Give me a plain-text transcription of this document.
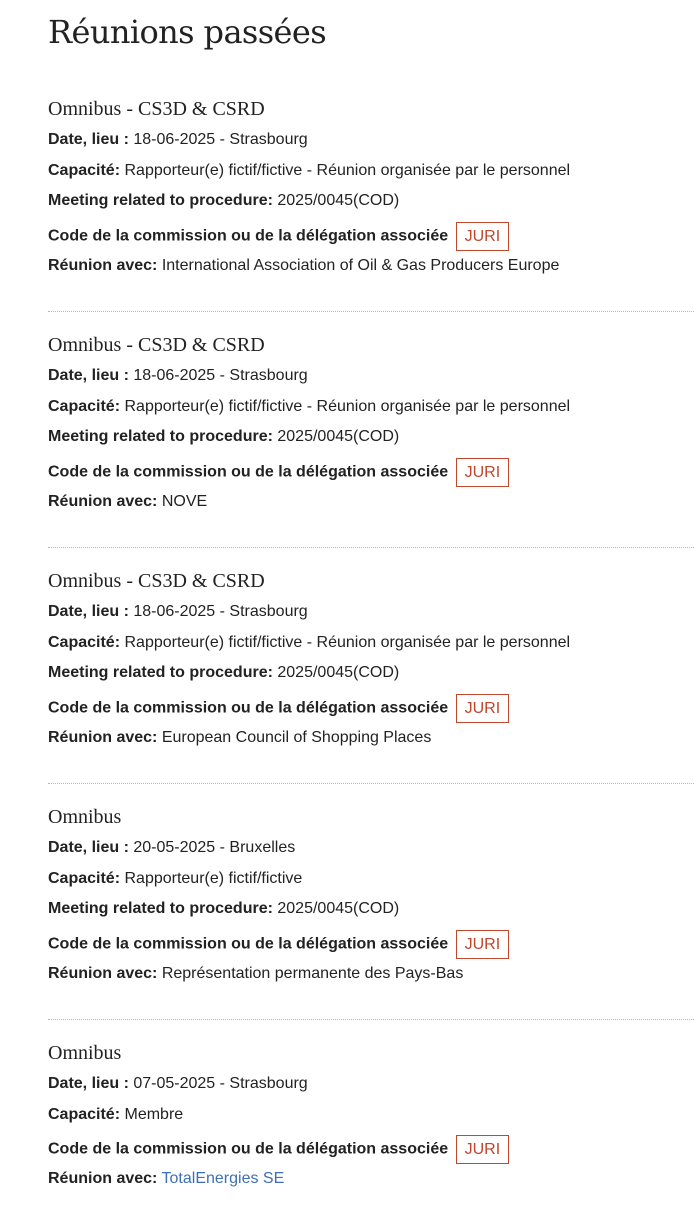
Réunions passées
Omnibus - CS3D & CSRD
Date, lieu : 18-06-2025 - Strasbourg
Capacité: Rapporteur(e) fictif/fictive - Réunion organisée par le personnel
Meeting related to procedure: 2025/0045(COD)
Code de la commission ou de la délégation associée JURI
Réunion avec: International Association of Oil & Gas Producers Europe
Omnibus - CS3D & CSRD
Date, lieu : 18-06-2025 - Strasbourg
Capacité: Rapporteur(e) fictif/fictive - Réunion organisée par le personnel
Meeting related to procedure: 2025/0045(COD)
Code de la commission ou de la délégation associée JURI
Réunion avec: NOVE
Omnibus - CS3D & CSRD
Date, lieu : 18-06-2025 - Strasbourg
Capacité: Rapporteur(e) fictif/fictive - Réunion organisée par le personnel
Meeting related to procedure: 2025/0045(COD)
Code de la commission ou de la délégation associée JURI
Réunion avec: European Council of Shopping Places
Omnibus
Date, lieu : 20-05-2025 - Bruxelles
Capacité: Rapporteur(e) fictif/fictive
Meeting related to procedure: 2025/0045(COD)
Code de la commission ou de la délégation associée JURI
Réunion avec: Représentation permanente des Pays-Bas
Omnibus
Date, lieu : 07-05-2025 - Strasbourg
Capacité: Membre
Code de la commission ou de la délégation associée JURI
Réunion avec: TotalEnergies SE
